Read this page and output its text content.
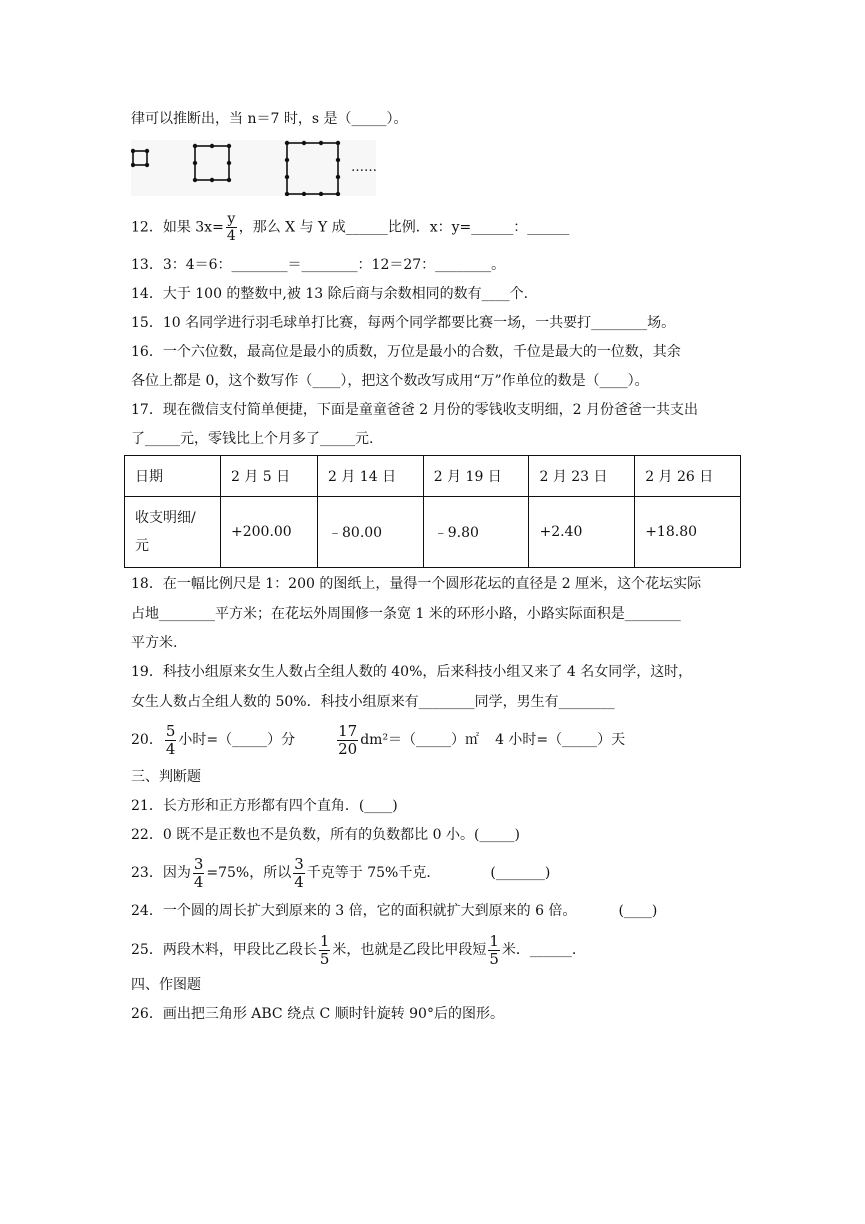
律可以推断出，当 n＝7 时，s 是（_____）。
……
12．如果 $3x= \frac{y}{4}$ ，那么 X 与 Y 成______比例．x：y=______：______
13．3：4＝6：________＝________：12＝27：________。
14．大于 100 的整数中,被 13 除后商与余数相同的数有____个.
15．10 名同学进行羽毛球单打比赛，每两个同学都要比赛一场，一共要打________场。
16．一个六位数，最高位是最小的质数，万位是最小的合数，千位是最大的一位数，其余
各位上都是 0，这个数写作（____），把这个数改写成用“万”作单位的数是（____）。
17．现在微信支付简单便捷，下面是童童爸爸 2 月份的零钱收支明细，2 月份爸爸一共支出
了_____元，零钱比上个月多了_____元.
日期	2 月 5 日	2 月 14 日	2 月 19 日	2 月 23 日	2 月 26 日
收支明细/
元	+200.00	﹣80.00	﹣9.80	+2.40	+18.80
18．在一幅比例尺是 1：200 的图纸上，量得一个圆形花坛的直径是 2 厘米，这个花坛实际
占地________平方米；在花坛外周围修一条宽 1 米的环形小路，小路实际面积是________
平方米.
19．科技小组原来女生人数占全组人数的 40%，后来科技小组又来了 4 名女同学，这时，
女生人数占全组人数的 50%．科技小组原来有________同学，男生有________
20． $\frac{5}{4}$ 小时=（_____）分	$\frac{17}{20}$ dm²＝（_____）㎡ 4 小时=（_____）天
三、判断题
21．长方形和正方形都有四个直角．(____)
22．0 既不是正数也不是负数，所有的负数都比 0 小。(_____)
23．因为 $\frac{3}{4} =75\%$，所以 $\frac{3}{4}$ 千克等于 75%千克．	(_______)
24．一个圆的周长扩大到原来的 3 倍，它的面积就扩大到原来的 6 倍。	(____)
25．两段木料，甲段比乙段长 $\frac{1}{5}$ 米，也就是乙段比甲段短 $\frac{1}{5}$ 米．______.
四、作图题
26．画出把三角形 ABC 绕点 C 顺时针旋转 90°后的图形。
